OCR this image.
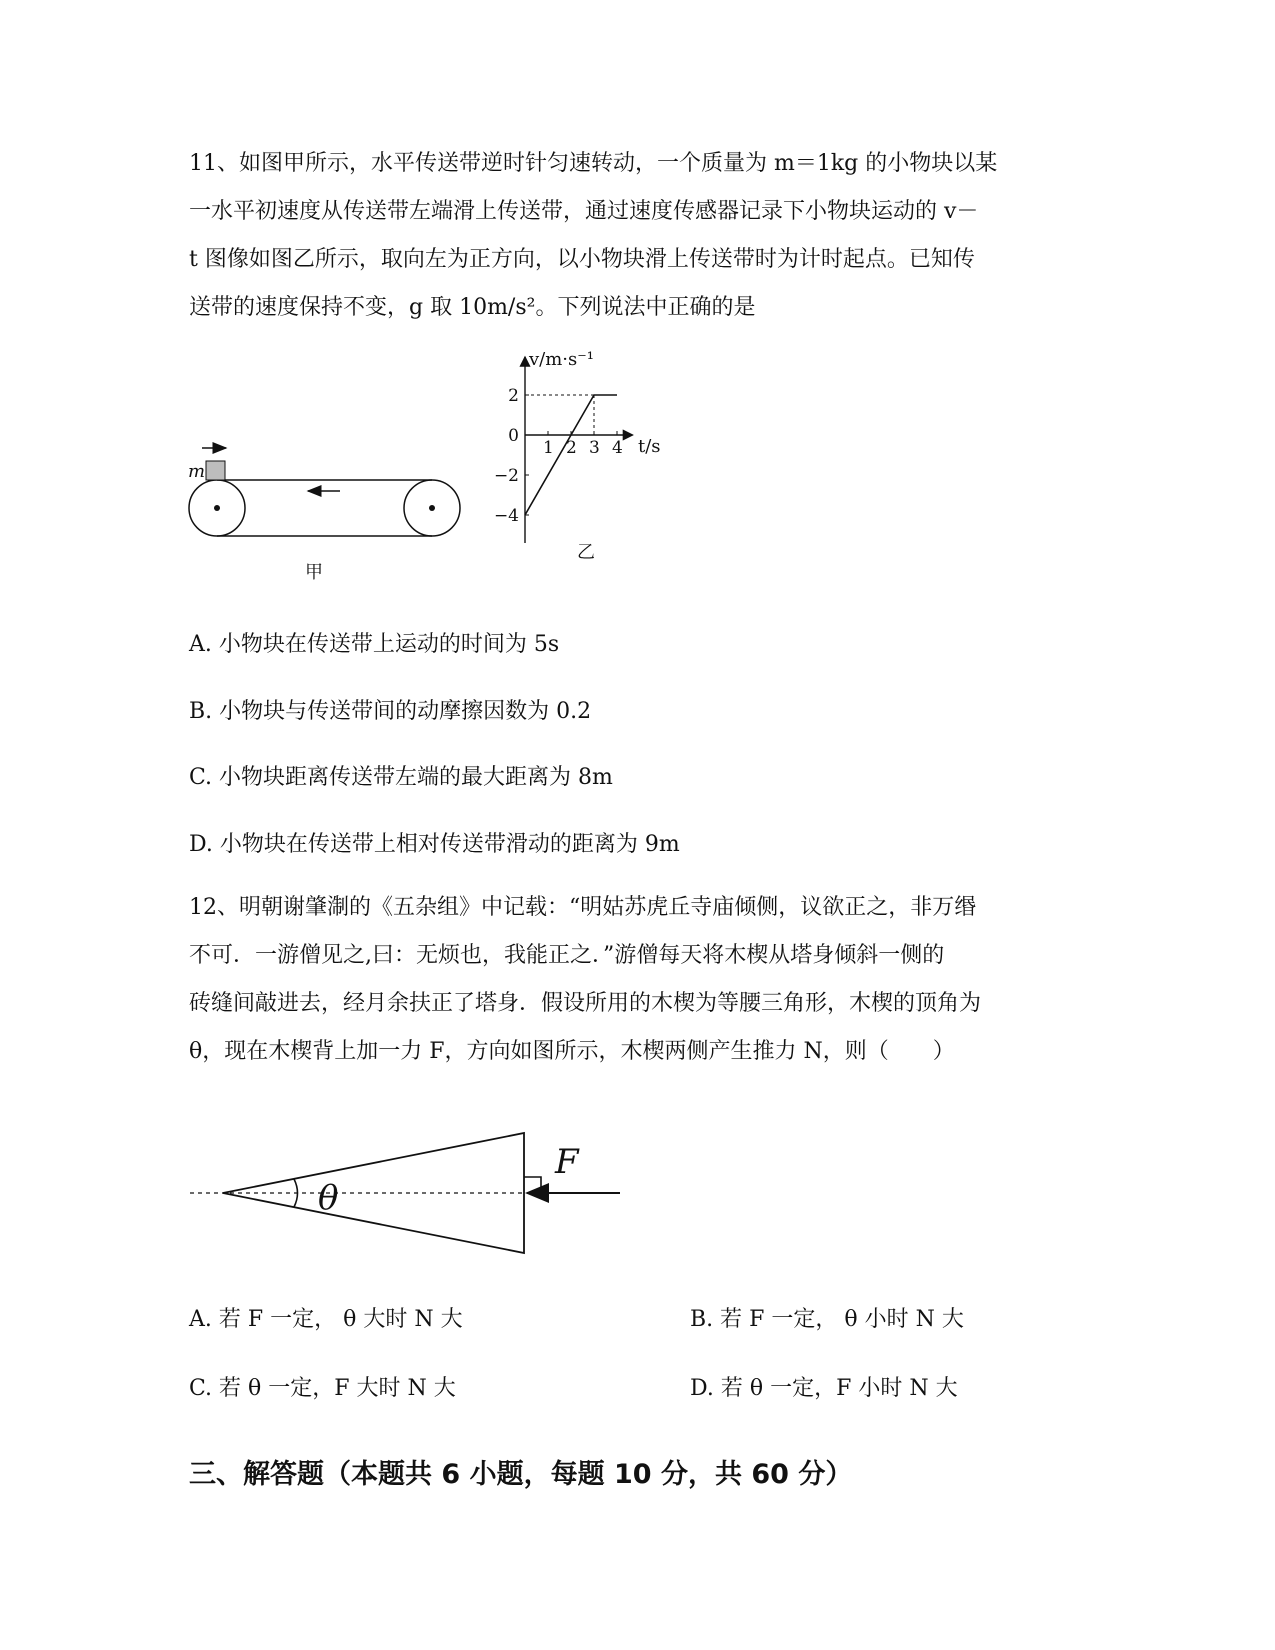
11、如图甲所示，水平传送带逆时针匀速转动，一个质量为 m＝1kg 的小物块以某
一水平初速度从传送带左端滑上传送带，通过速度传感器记录下小物块运动的 v－
t 图像如图乙所示，取向左为正方向，以小物块滑上传送带时为计时起点。已知传
送带的速度保持不变，g 取 10m/s²。下列说法中正确的是
m
甲
1 2 3 4
2
0
−2
−4
v/m·s⁻¹
t/s
乙
A. 小物块在传送带上运动的时间为 5s
B. 小物块与传送带间的动摩擦因数为 0.2
C. 小物块距离传送带左端的最大距离为 8m
D. 小物块在传送带上相对传送带滑动的距离为 9m
12、明朝谢肇淛的《五杂组》中记载：“明姑苏虎丘寺庙倾侧，议欲正之，非万缗
不可．一游僧见之,曰：无烦也，我能正之．”游僧每天将木楔从塔身倾斜一侧的
砖缝间敲进去，经月余扶正了塔身．假设所用的木楔为等腰三角形，木楔的顶角为
θ，现在木楔背上加一力 F，方向如图所示，木楔两侧产生推力 N，则（　　）
θ
F
A. 若 F 一定， θ 大时 N 大	B. 若 F 一定， θ 小时 N 大
C. 若 θ 一定，F 大时 N 大	D. 若 θ 一定，F 小时 N 大
三、解答题（本题共 6 小题，每题 10 分，共 60 分）
